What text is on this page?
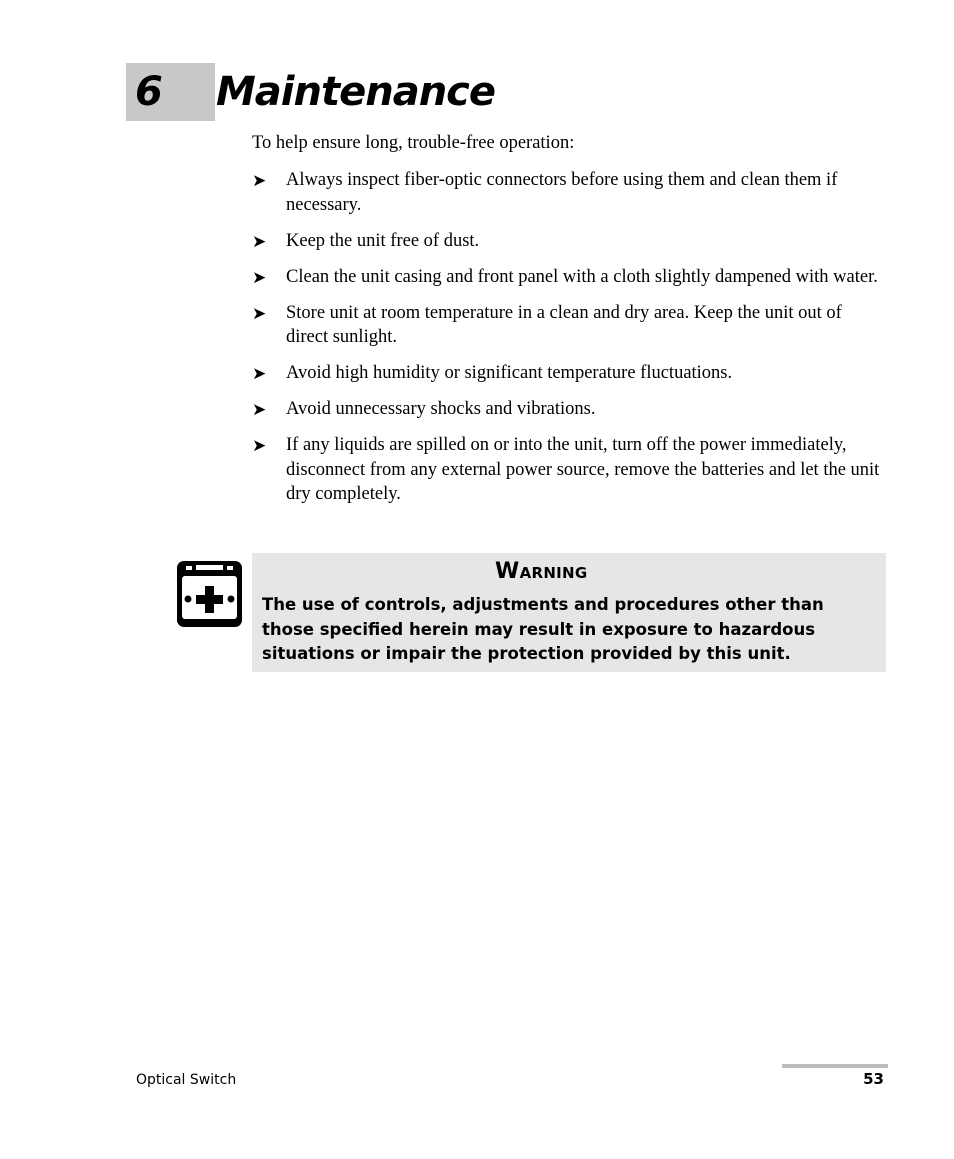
6 Maintenance

To help ensure long, trouble-free operation:

➤ Always inspect fiber-optic connectors before using them and clean them if necessary.
➤ Keep the unit free of dust.
➤ Clean the unit casing and front panel with a cloth slightly dampened with water.
➤ Store unit at room temperature in a clean and dry area. Keep the unit out of direct sunlight.
➤ Avoid high humidity or significant temperature fluctuations.
➤ Avoid unnecessary shocks and vibrations.
➤ If any liquids are spilled on or into the unit, turn off the power immediately, disconnect from any external power source, remove the batteries and let the unit dry completely.
Warning

The use of controls, adjustments and procedures other than those specified herein may result in exposure to hazardous situations or impair the protection provided by this unit.

Optical Switch	53
